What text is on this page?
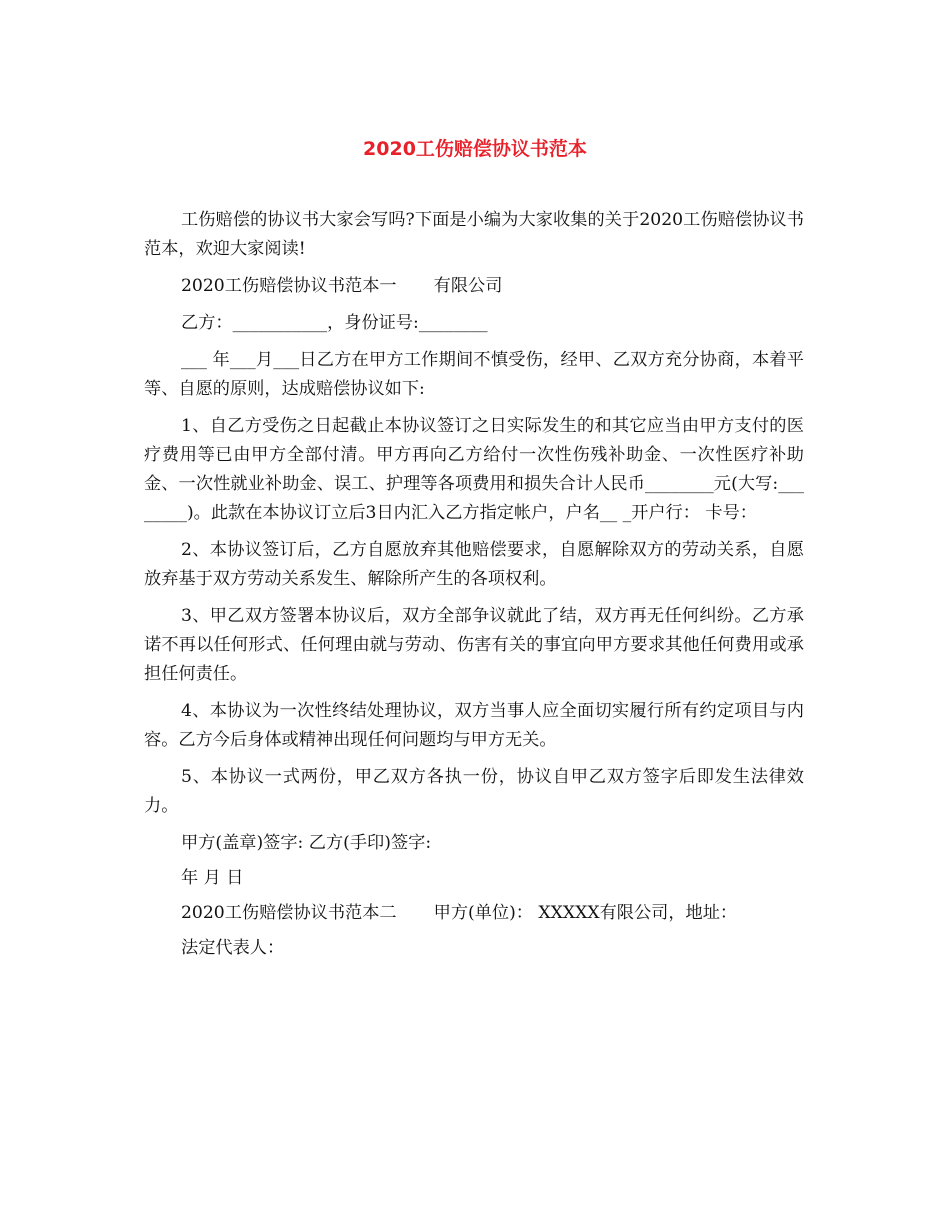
2020工伤赔偿协议书范本

工伤赔偿的协议书大家会写吗?下面是小编为大家收集的关于2020工伤赔偿协议书范本，欢迎大家阅读!

2020工伤赔偿协议书范本一 有限公司

乙方：___________，身份证号:________

___ 年___月___日乙方在甲方工作期间不慎受伤，经甲、乙双方充分协商，本着平等、自愿的原则，达成赔偿协议如下:

1、自乙方受伤之日起截止本协议签订之日实际发生的和其它应当由甲方支付的医疗费用等已由甲方全部付清。甲方再向乙方给付一次性伤残补助金、一次性医疗补助金、一次性就业补助金、误工、护理等各项费用和损失合计人民币________元(大写:________)。此款在本协议订立后3日内汇入乙方指定帐户，户名__ _开户行： 卡号：

2、本协议签订后，乙方自愿放弃其他赔偿要求，自愿解除双方的劳动关系，自愿放弃基于双方劳动关系发生、解除所产生的各项权利。

3、甲乙双方签署本协议后，双方全部争议就此了结，双方再无任何纠纷。乙方承诺不再以任何形式、任何理由就与劳动、伤害有关的事宜向甲方要求其他任何费用或承担任何责任。

4、本协议为一次性终结处理协议，双方当事人应全面切实履行所有约定项目与内容。乙方今后身体或精神出现任何问题均与甲方无关。

5、本协议一式两份，甲乙双方各执一份，协议自甲乙双方签字后即发生法律效力。

甲方(盖章)签字: 乙方(手印)签字:

年 月 日

2020工伤赔偿协议书范本二 甲方(单位)： XXXXX有限公司，地址：

法定代表人：
